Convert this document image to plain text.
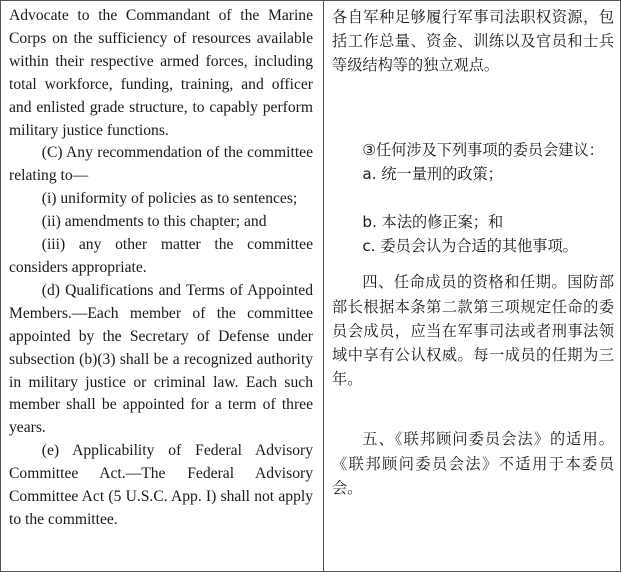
Advocate to the Commandant of the Marine Corps on the sufficiency of resources available within their respective armed forces, including total workforce, funding, training, and officer and enlisted grade structure, to capably perform military justice functions.

(C) Any recommendation of the committee relating to—

(i) uniformity of policies as to sentences;

(ii) amendments to this chapter; and

(iii) any other matter the committee considers appropriate.

(d) Qualifications and Terms of Appointed Members.—Each member of the committee appointed by the Secretary of Defense under subsection (b)(3) shall be a recognized authority in military justice or criminal law. Each such member shall be appointed for a term of three years.

(e) Applicability of Federal Advisory Committee Act.—The Federal Advisory Committee Act (5 U.S.C. App. I) shall not apply to the committee.

各自军种足够履行军事司法职权资源，包括工作总量、资金、训练以及官员和士兵等级结构等的独立观点。

③任何涉及下列事项的委员会建议：

a. 统一量刑的政策；

b. 本法的修正案；和

c. 委员会认为合适的其他事项。

四、任命成员的资格和任期。国防部部长根据本条第二款第三项规定任命的委员会成员，应当在军事司法或者刑事法领域中享有公认权威。每一成员的任期为三年。

五、《联邦顾问委员会法》的适用。《联邦顾问委员会法》不适用于本委员会。
